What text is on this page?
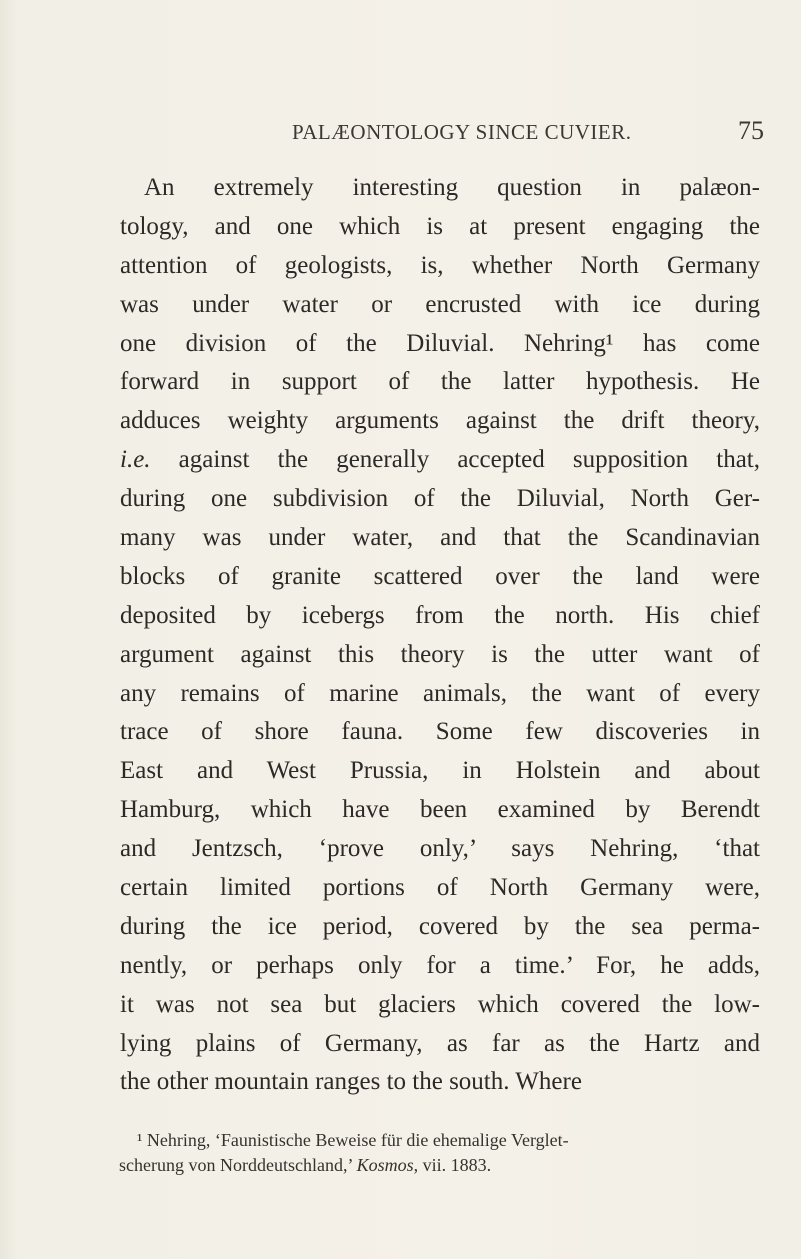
PALÆONTOLOGY SINCE CUVIER.	75
An extremely interesting question in palæon-
tology, and one which is at present engaging the
attention of geologists, is, whether North Germany
was under water or encrusted with ice during
one division of the Diluvial. Nehring¹ has come
forward in support of the latter hypothesis. He
adduces weighty arguments against the drift theory,
i.e. against the generally accepted supposition that,
during one subdivision of the Diluvial, North Ger-
many was under water, and that the Scandinavian
blocks of granite scattered over the land were
deposited by icebergs from the north. His chief
argument against this theory is the utter want of
any remains of marine animals, the want of every
trace of shore fauna. Some few discoveries in
East and West Prussia, in Holstein and about
Hamburg, which have been examined by Berendt
and Jentzsch, ‘prove only,’ says Nehring, ‘that
certain limited portions of North Germany were,
during the ice period, covered by the sea perma-
nently, or perhaps only for a time.’ For, he adds,
it was not sea but glaciers which covered the low-
lying plains of Germany, as far as the Hartz and
the other mountain ranges to the south. Where
¹ Nehring, ‘Faunistische Beweise für die ehemalige Verglet-
scherung von Norddeutschland,’ Kosmos, vii. 1883.
